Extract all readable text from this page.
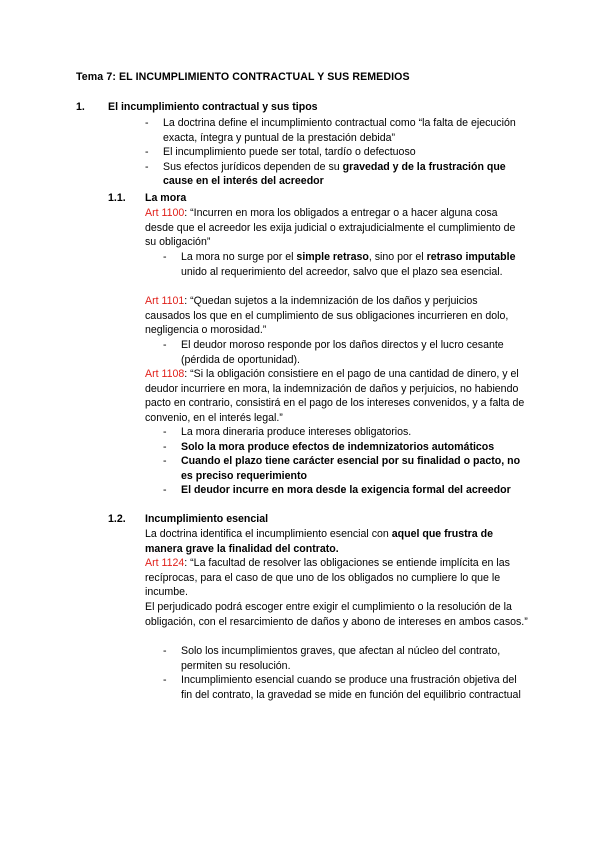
Tema 7: EL INCUMPLIMIENTO CONTRACTUAL Y SUS REMEDIOS
1. El incumplimiento contractual y sus tipos
- La doctrina define el incumplimiento contractual como “la falta de ejecución exacta, íntegra y puntual de la prestación debida”
- El incumplimiento puede ser total, tardío o defectuoso
- Sus efectos jurídicos dependen de su gravedad y de la frustración que cause en el interés del acreedor
1.1. La mora
Art 1100: “Incurren en mora los obligados a entregar o a hacer alguna cosa desde que el acreedor les exija judicial o extrajudicialmente el cumplimiento de su obligación”
- La mora no surge por el simple retraso, sino por el retraso imputable unido al requerimiento del acreedor, salvo que el plazo sea esencial.
Art 1101: “Quedan sujetos a la indemnización de los daños y perjuicios causados los que en el cumplimiento de sus obligaciones incurrieren en dolo, negligencia o morosidad.”
- El deudor moroso responde por los daños directos y el lucro cesante (pérdida de oportunidad).
Art 1108: “Si la obligación consistiere en el pago de una cantidad de dinero, y el deudor incurriere en mora, la indemnización de daños y perjuicios, no habiendo pacto en contrario, consistirá en el pago de los intereses convenidos, y a falta de convenio, en el interés legal.”
- La mora dineraria produce intereses obligatorios.
- Solo la mora produce efectos de indemnizatorios automáticos
- Cuando el plazo tiene carácter esencial por su finalidad o pacto, no es preciso requerimiento
- El deudor incurre en mora desde la exigencia formal del acreedor
1.2. Incumplimiento esencial
La doctrina identifica el incumplimiento esencial con aquel que frustra de manera grave la finalidad del contrato.
Art 1124: “La facultad de resolver las obligaciones se entiende implícita en las recíprocas, para el caso de que uno de los obligados no cumpliere lo que le incumbe.
El perjudicado podrá escoger entre exigir el cumplimiento o la resolución de la obligación, con el resarcimiento de daños y abono de intereses en ambos casos.”
- Solo los incumplimientos graves, que afectan al núcleo del contrato, permiten su resolución.
- Incumplimiento esencial cuando se produce una frustración objetiva del fin del contrato, la gravedad se mide en función del equilibrio contractual
